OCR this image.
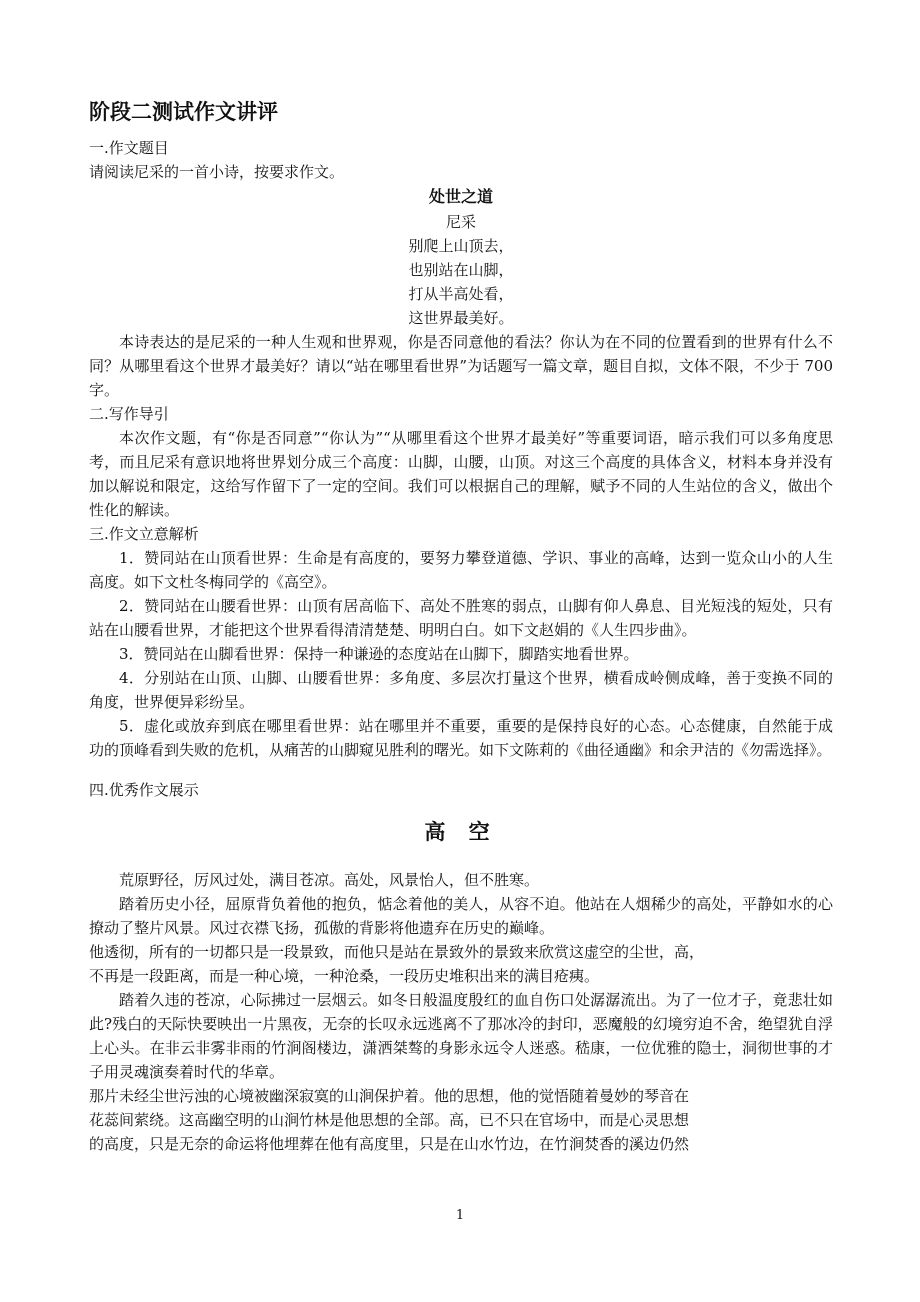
阶段二测试作文讲评

一.作文题目

请阅读尼采的一首小诗，按要求作文。

处世之道

尼采

别爬上山顶去，

也别站在山脚，

打从半高处看，

这世界最美好。

本诗表达的是尼采的一种人生观和世界观，你是否同意他的看法？你认为在不同的位置看到的世界有什么不同？从哪里看这个世界才最美好？请以“站在哪里看世界”为话题写一篇文章，题目自拟，文体不限，不少于 700 字。

二.写作导引

本次作文题，有“你是否同意”“你认为”“从哪里看这个世界才最美好”等重要词语，暗示我们可以多角度思考，而且尼采有意识地将世界划分成三个高度：山脚，山腰，山顶。对这三个高度的具体含义，材料本身并没有加以解说和限定，这给写作留下了一定的空间。我们可以根据自己的理解，赋予不同的人生站位的含义，做出个性化的解读。

三.作文立意解析

1．赞同站在山顶看世界：生命是有高度的，要努力攀登道德、学识、事业的高峰，达到一览众山小的人生高度。如下文杜冬梅同学的《高空》。

2．赞同站在山腰看世界：山顶有居高临下、高处不胜寒的弱点，山脚有仰人鼻息、目光短浅的短处，只有站在山腰看世界，才能把这个世界看得清清楚楚、明明白白。如下文赵娟的《人生四步曲》。

3．赞同站在山脚看世界：保持一种谦逊的态度站在山脚下，脚踏实地看世界。

4．分别站在山顶、山脚、山腰看世界：多角度、多层次打量这个世界，横看成岭侧成峰，善于变换不同的角度，世界便异彩纷呈。

5．虚化或放弃到底在哪里看世界：站在哪里并不重要，重要的是保持良好的心态。心态健康，自然能于成功的顶峰看到失败的危机，从痛苦的山脚窥见胜利的曙光。如下文陈莉的《曲径通幽》和余尹洁的《勿需选择》。

四.优秀作文展示

高 空

荒原野径，厉风过处，满目苍凉。高处，风景怡人，但不胜寒。

踏着历史小径，屈原背负着他的抱负，惦念着他的美人，从容不迫。他站在人烟稀少的高处，平静如水的心撩动了整片风景。风过衣襟飞扬，孤傲的背影将他遗弃在历史的巅峰。

他透彻，所有的一切都只是一段景致，而他只是站在景致外的景致来欣赏这虚空的尘世，高，

不再是一段距离，而是一种心境，一种沧桑，一段历史堆积出来的满目疮痍。

踏着久违的苍凉，心际拂过一层烟云。如冬日般温度殷红的血自伤口处潺潺流出。为了一位才子，竟悲壮如此?残白的天际快要映出一片黑夜，无奈的长叹永远逃离不了那冰冷的封印，恶魔般的幻境穷迫不舍，绝望犹自浮上心头。在非云非雾非雨的竹涧阁楼边，潇洒桀骜的身影永远令人迷惑。嵇康，一位优雅的隐士，洞彻世事的才子用灵魂演奏着时代的华章。

那片未经尘世污浊的心境被幽深寂寞的山涧保护着。他的思想，他的觉悟随着曼妙的琴音在

花蕊间萦绕。这高幽空明的山涧竹林是他思想的全部。高，已不只在官场中，而是心灵思想

的高度，只是无奈的命运将他埋葬在他有高度里，只是在山水竹边，在竹涧焚香的溪边仍然

1
